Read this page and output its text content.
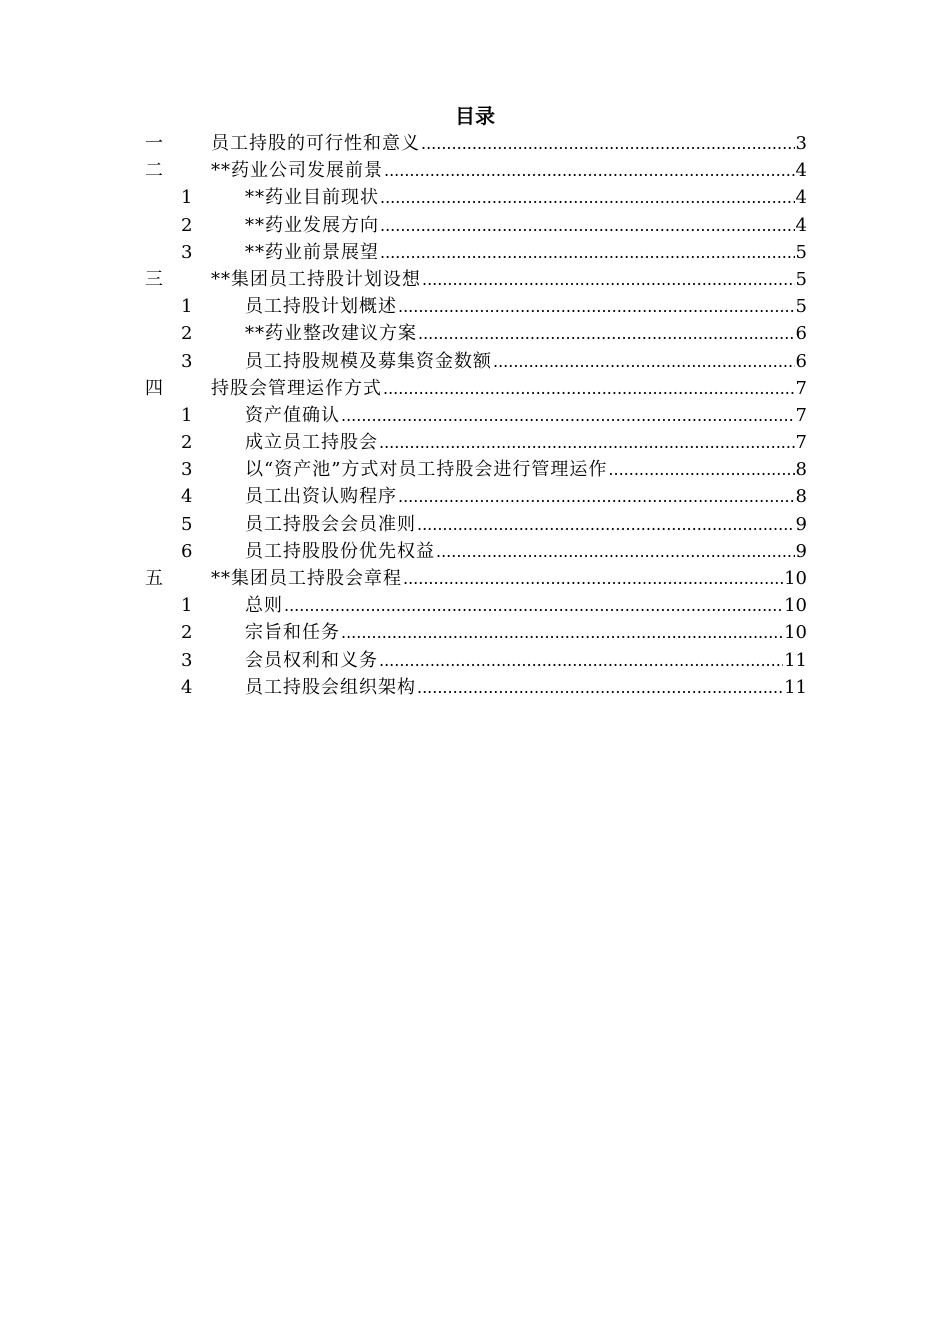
目录
一	员工持股的可行性和意义 .....	3
二	**药业公司发展前景 .....	4
1	**药业目前现状 .....	4
2	**药业发展方向 .....	4
3	**药业前景展望 .....	5
三	**集团员工持股计划设想 .....	5
1	员工持股计划概述 .....	5
2	**药业整改建议方案 .....	6
3	员工持股规模及募集资金数额 .....	6
四	持股会管理运作方式 .....	7
1	资产值确认 .....	7
2	成立员工持股会 .....	7
3	以“资产池”方式对员工持股会进行管理运作 .....	8
4	员工出资认购程序 .....	8
5	员工持股会会员准则 .....	9
6	员工持股股份优先权益 .....	9
五	**集团员工持股会章程 .....	10
1	总则 .....	10
2	宗旨和任务 .....	10
3	会员权利和义务 .....	11
4	员工持股会组织架构 .....	11
